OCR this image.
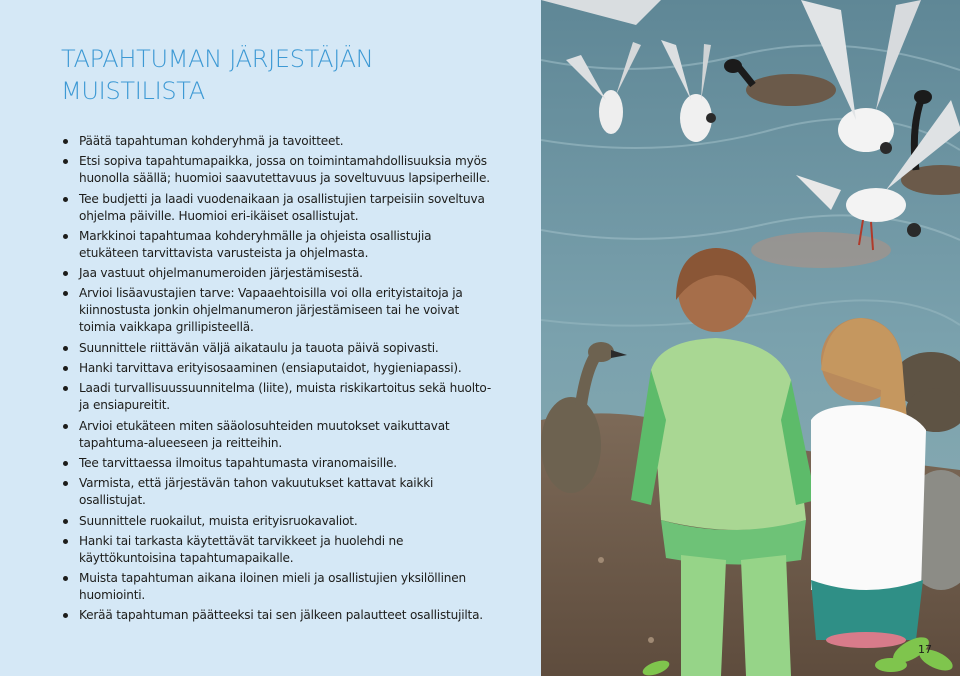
TAPAHTUMAN JÄRJESTÄJÄN
MUISTILISTA
Päätä tapahtuman kohderyhmä ja tavoitteet.
Etsi sopiva tapahtumapaikka, jossa on toimintamahdollisuuksia myös
huonolla säällä; huomioi saavutettavuus ja soveltuvuus lapsiperheille.
Tee budjetti ja laadi vuodenaikaan ja osallistujien tarpeisiin soveltuva
ohjelma päiville. Huomioi eri-ikäiset osallistujat.
Markkinoi tapahtumaa kohderyhmälle ja ohjeista osallistujia
etukäteen tarvittavista varusteista ja ohjelmasta.
Jaa vastuut ohjelmanumeroiden järjestämisestä.
Arvioi lisäavustajien tarve: Vapaaehtoisilla voi olla erityistaitoja ja
kiinnostusta jonkin ohjelmanumeron järjestämiseen tai he voivat
toimia vaikkapa grillipisteellä.
Suunnittele riittävän väljä aikataulu ja tauota päivä sopivasti.
Hanki tarvittava erityisosaaminen (ensiaputaidot, hygieniapassi).
Laadi turvallisuussuunnitelma (liite), muista riskikartoitus sekä huolto-
ja ensiapureitit.
Arvioi etukäteen miten sääolosuhteiden muutokset vaikuttavat
tapahtuma-alueeseen ja reitteihin.
Tee tarvittaessa ilmoitus tapahtumasta viranomaisille.
Varmista, että järjestävän tahon vakuutukset kattavat kaikki
osallistujat.
Suunnittele ruokailut, muista erityisruokavaliot.
Hanki tai tarkasta käytettävät tarvikkeet ja huolehdi ne
käyttökuntoisina tapahtumapaikalle.
Muista tapahtuman aikana iloinen mieli ja osallistujien yksilöllinen
huomiointi.
Kerää tapahtuman päätteeksi tai sen jälkeen palautteet osallistujilta.
17
